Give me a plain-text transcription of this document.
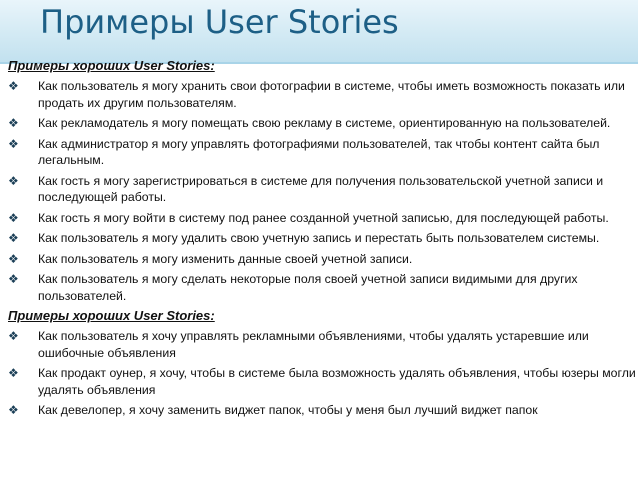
Примеры User Stories
Примеры хороших User Stories:
❖ Как пользователь я могу хранить свои фотографии в системе, чтобы иметь возможность показать или продать их другим пользователям.
❖ Как рекламодатель я могу помещать свою рекламу в системе, ориентированную на пользователей.
❖ Как администратор я могу управлять фотографиями пользователей, так чтобы контент сайта был легальным.
❖ Как гость я могу зарегистрироваться в системе для получения пользовательской учетной записи и последующей работы.
❖ Как гость я могу войти в систему под ранее созданной учетной записью, для последующей работы.
❖ Как пользователь я могу удалить свою учетную запись и перестать быть пользователем системы.
❖ Как пользователь я могу изменить данные своей учетной записи.
❖ Как пользователь я могу сделать некоторые поля своей учетной записи видимыми для других пользователей.
Примеры хороших User Stories:
❖ Как пользователь я хочу управлять рекламными объявлениями, чтобы удалять устаревшие или ошибочные объявления
❖ Как продакт оунер, я хочу, чтобы в системе была возможность удалять объявления, чтобы юзеры могли удалять объявления
❖ Как девелопер, я хочу заменить виджет папок, чтобы у меня был лучший виджет папок
